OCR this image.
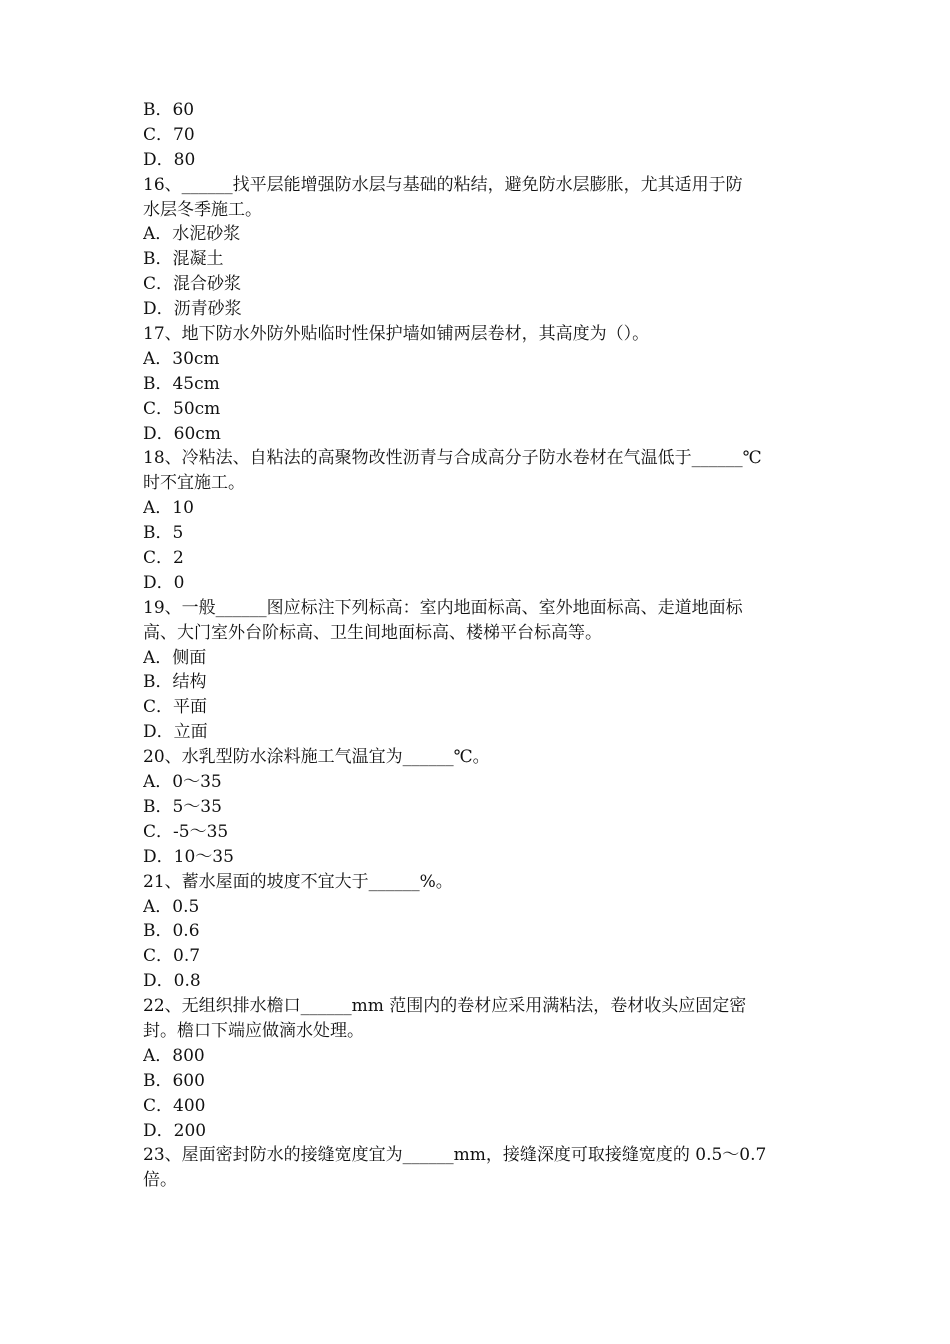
B．60
C．70
D．80
16、______找平层能增强防水层与基础的粘结，避免防水层膨胀，尤其适用于防
水层冬季施工。
A．水泥砂浆
B．混凝土
C．混合砂浆
D．沥青砂浆
17、地下防水外防外贴临时性保护墙如铺两层卷材，其高度为（）。
A．30cm
B．45cm
C．50cm
D．60cm
18、冷粘法、自粘法的高聚物改性沥青与合成高分子防水卷材在气温低于______℃
时不宜施工。
A．10
B．5
C．2
D．0
19、一般______图应标注下列标高：室内地面标高、室外地面标高、走道地面标
高、大门室外台阶标高、卫生间地面标高、楼梯平台标高等。
A．侧面
B．结构
C．平面
D．立面
20、水乳型防水涂料施工气温宜为______℃。
A．0～35
B．5～35
C．-5～35
D．10～35
21、蓄水屋面的坡度不宜大于______%。
A．0.5
B．0.6
C．0.7
D．0.8
22、无组织排水檐口______mm 范围内的卷材应采用满粘法，卷材收头应固定密
封。檐口下端应做滴水处理。
A．800
B．600
C．400
D．200
23、屋面密封防水的接缝宽度宜为______mm，接缝深度可取接缝宽度的 0.5～0.7
倍。
